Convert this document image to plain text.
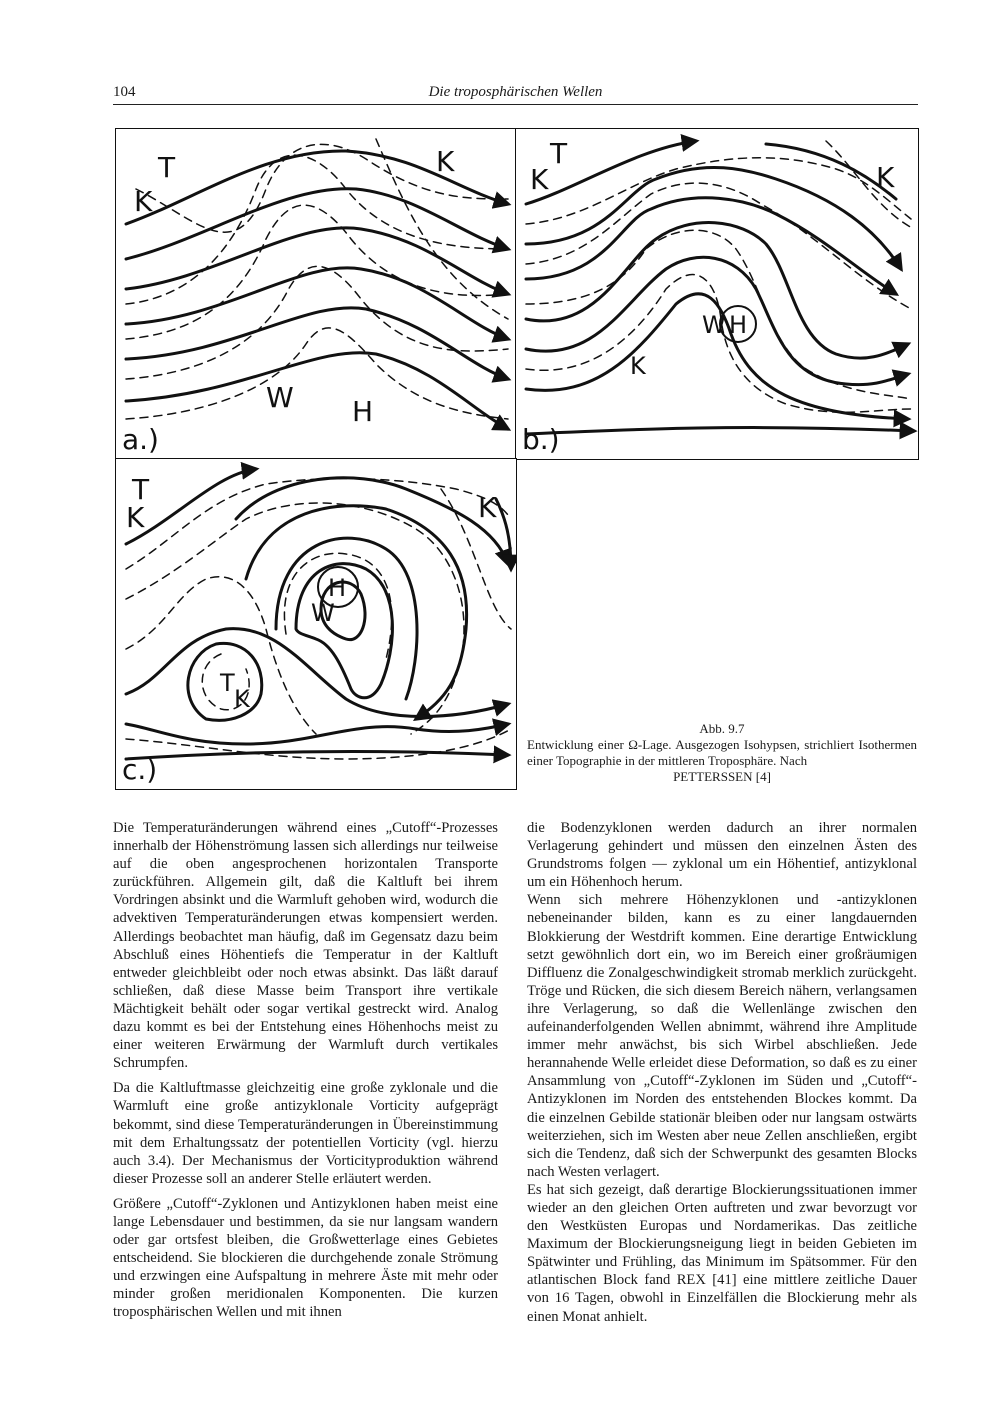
104	Die troposphärischen Wellen
T
K
K
W H
a.)
K
T
K
W H
K
b.)
T
K	K
H
W
T
K
c.)
Abb. 9.7
Entwicklung einer Ω-Lage. Ausgezogen Isohypsen, strichliert Isothermen einer Topographie in der mittleren Troposphäre. Nach
PETTERSSEN [4]

Die Temperaturänderungen während eines „Cutoff“-Prozesses innerhalb der Höhenströmung lassen sich allerdings nur teilweise auf die oben angesprochenen horizontalen Transporte zurückführen. Allgemein gilt, daß die Kaltluft bei ihrem Vordringen absinkt und die Warmluft gehoben wird, wodurch die advektiven Temperaturänderungen etwas kompensiert werden. Allerdings beobachtet man häufig, daß im Gegensatz dazu beim Abschluß eines Höhentiefs die Temperatur in der Kaltluft entweder gleichbleibt oder noch etwas absinkt. Das läßt darauf schließen, daß diese Masse beim Transport ihre vertikale Mächtigkeit behält oder sogar vertikal gestreckt wird. Analog dazu kommt es bei der Entstehung eines Höhenhochs meist zu einer weiteren Erwärmung der Warmluft durch vertikales Schrumpfen.

Da die Kaltluftmasse gleichzeitig eine große zyklonale und die Warmluft eine große antizyklonale Vorticity aufgeprägt bekommt, sind diese Temperaturänderungen in Übereinstimmung mit dem Erhaltungssatz der potentiellen Vorticity (vgl. hierzu auch 3.4). Der Mechanismus der Vorticityproduktion während dieser Prozesse soll an anderer Stelle erläutert werden.

Größere „Cutoff“-Zyklonen und Antizyklonen haben meist eine lange Lebensdauer und bestimmen, da sie nur langsam wandern oder gar ortsfest bleiben, die Großwetterlage eines Gebietes entscheidend. Sie blockieren die durchgehende zonale Strömung und erzwingen eine Aufspaltung in mehrere Äste mit mehr oder minder großen meridionalen Komponenten. Die kurzen troposphärischen Wellen und mit ihnen

die Bodenzyklonen werden dadurch an ihrer normalen Verlagerung gehindert und müssen den einzelnen Ästen des Grundstroms folgen — zyklonal um ein Höhentief, antizyklonal um ein Höhenhoch herum.

Wenn sich mehrere Höhenzyklonen und -antizyklonen nebeneinander bilden, kann es zu einer langdauernden Blokkierung der Westdrift kommen. Eine derartige Entwicklung setzt gewöhnlich dort ein, wo im Bereich einer großräumigen Diffluenz die Zonalgeschwindigkeit stromab merklich zurückgeht. Tröge und Rücken, die sich diesem Bereich nähern, verlangsamen ihre Verlagerung, so daß die Wellenlänge zwischen den aufeinanderfolgenden Wellen abnimmt, während ihre Amplitude immer mehr anwächst, bis sich Wirbel abschließen. Jede herannahende Welle erleidet diese Deformation, so daß es zu einer Ansammlung von „Cutoff“-Zyklonen im Süden und „Cutoff“-Antizyklonen im Norden des entstehenden Blockes kommt. Da die einzelnen Gebilde stationär bleiben oder nur langsam ostwärts weiterziehen, sich im Westen aber neue Zellen anschließen, ergibt sich die Tendenz, daß sich der Schwerpunkt des gesamten Blocks nach Westen verlagert.

Es hat sich gezeigt, daß derartige Blockierungssituationen immer wieder an den gleichen Orten auftreten und zwar bevorzugt vor den Westküsten Europas und Nordamerikas. Das zeitliche Maximum der Blockierungsneigung liegt in beiden Gebieten im Spätwinter und Frühling, das Minimum im Spätsommer. Für den atlantischen Block fand REX [41] eine mittlere zeitliche Dauer von 16 Tagen, obwohl in Einzelfällen die Blockierung mehr als einen Monat anhielt.
